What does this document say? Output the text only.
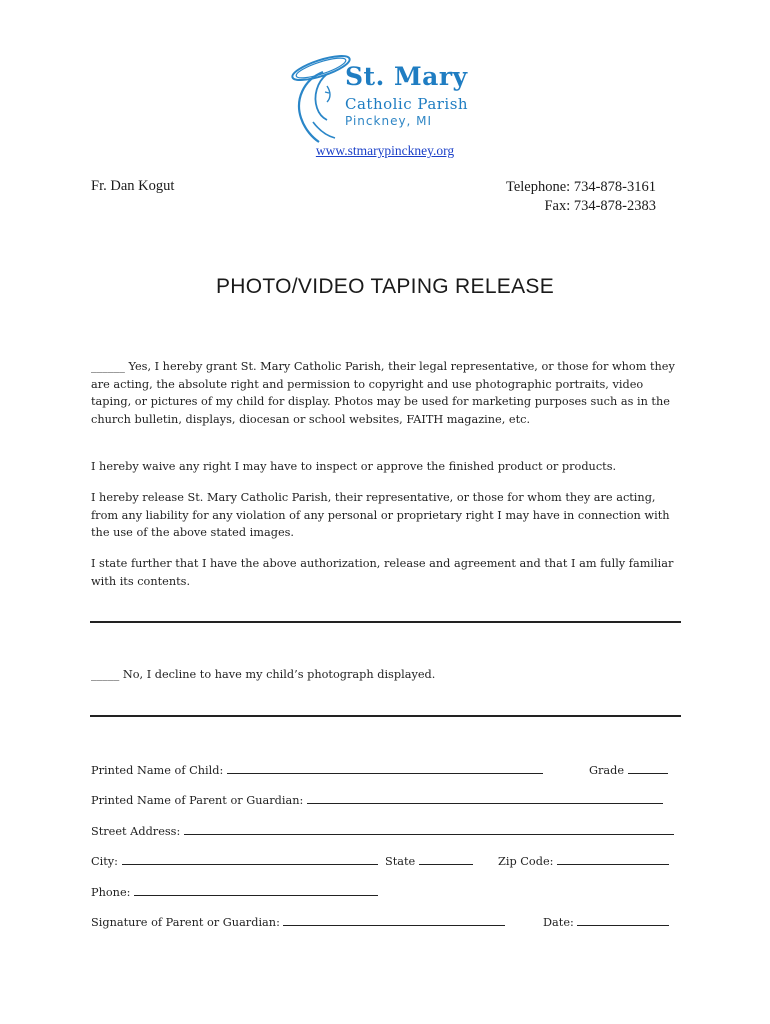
St. Mary
Catholic Parish
Pinckney, MI
www.stmarypinckney.org
Fr. Dan Kogut	Telephone: 734-878-3161
Fax: 734-878-2383
PHOTO/VIDEO TAPING RELEASE
______ Yes, I hereby grant St. Mary Catholic Parish, their legal representative, or those for whom they are acting, the absolute right and permission to copyright and use photographic portraits, video taping, or pictures of my child for display. Photos may be used for marketing purposes such as in the church bulletin, displays, diocesan or school websites, FAITH magazine, etc.
I hereby waive any right I may have to inspect or approve the finished product or products.
I hereby release St. Mary Catholic Parish, their representative, or those for whom they are acting, from any liability for any violation of any personal or proprietary right I may have in connection with the use of the above stated images.
I state further that I have the above authorization, release and agreement and that I am fully familiar with its contents.
_____ No, I decline to have my child’s photograph displayed.
Printed Name of Child:	Grade
Printed Name of Parent or Guardian:
Street Address:
City:	State	Zip Code:
Phone:
Signature of Parent or Guardian:	Date:
